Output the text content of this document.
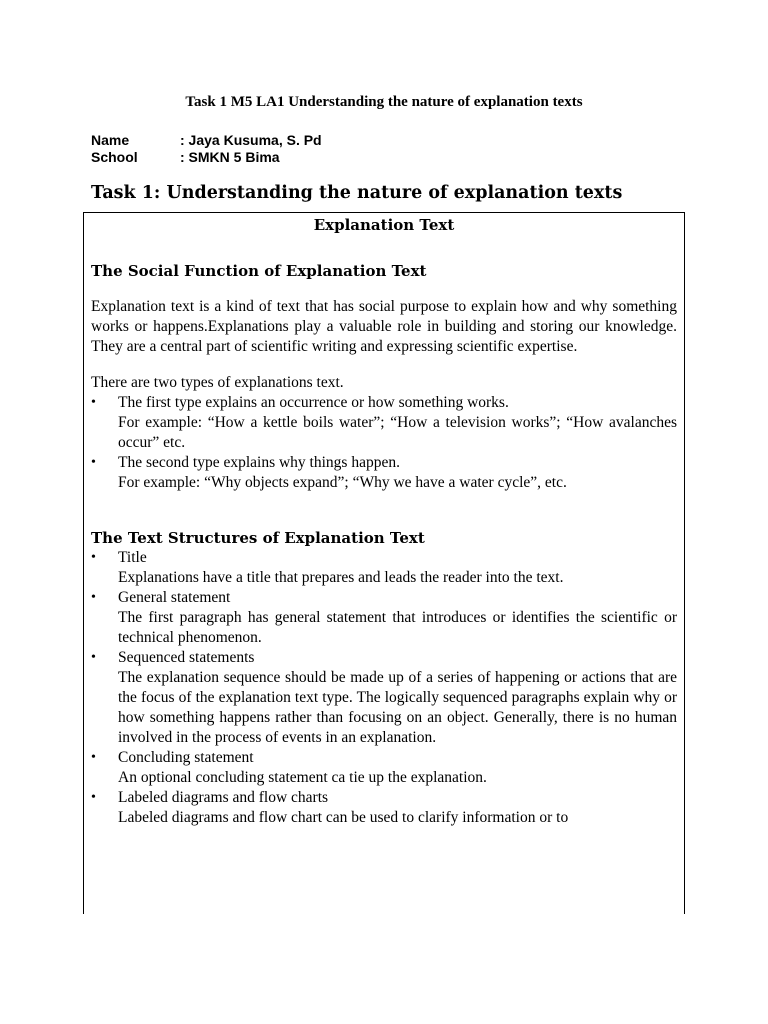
Task 1 M5 LA1 Understanding the nature of explanation texts
Name	: Jaya Kusuma, S. Pd
School	: SMKN 5 Bima
Task 1: Understanding the nature of explanation texts
Explanation Text
The Social Function of Explanation Text

Explanation text is a kind of text that has social purpose to explain how and why something works or happens.Explanations play a valuable role in building and storing our knowledge. They are a central part of scientific writing and expressing scientific expertise.

There are two types of explanations text.

• The first type explains an occurrence or how something works.
For example: “How a kettle boils water”; “How a television works”; “How avalanches occur” etc.
• The second type explains why things happen.
For example: “Why objects expand”; “Why we have a water cycle”, etc.
The Text Structures of Explanation Text
• Title
Explanations have a title that prepares and leads the reader into the text.
• General statement
The first paragraph has general statement that introduces or identifies the scientific or technical phenomenon.
• Sequenced statements
The explanation sequence should be made up of a series of happening or actions that are the focus of the explanation text type. The logically sequenced paragraphs explain why or how something happens rather than focusing on an object. Generally, there is no human involved in the process of events in an explanation.
• Concluding statement
An optional concluding statement ca tie up the explanation.
• Labeled diagrams and flow charts
Labeled diagrams and flow chart can be used to clarify information or to
